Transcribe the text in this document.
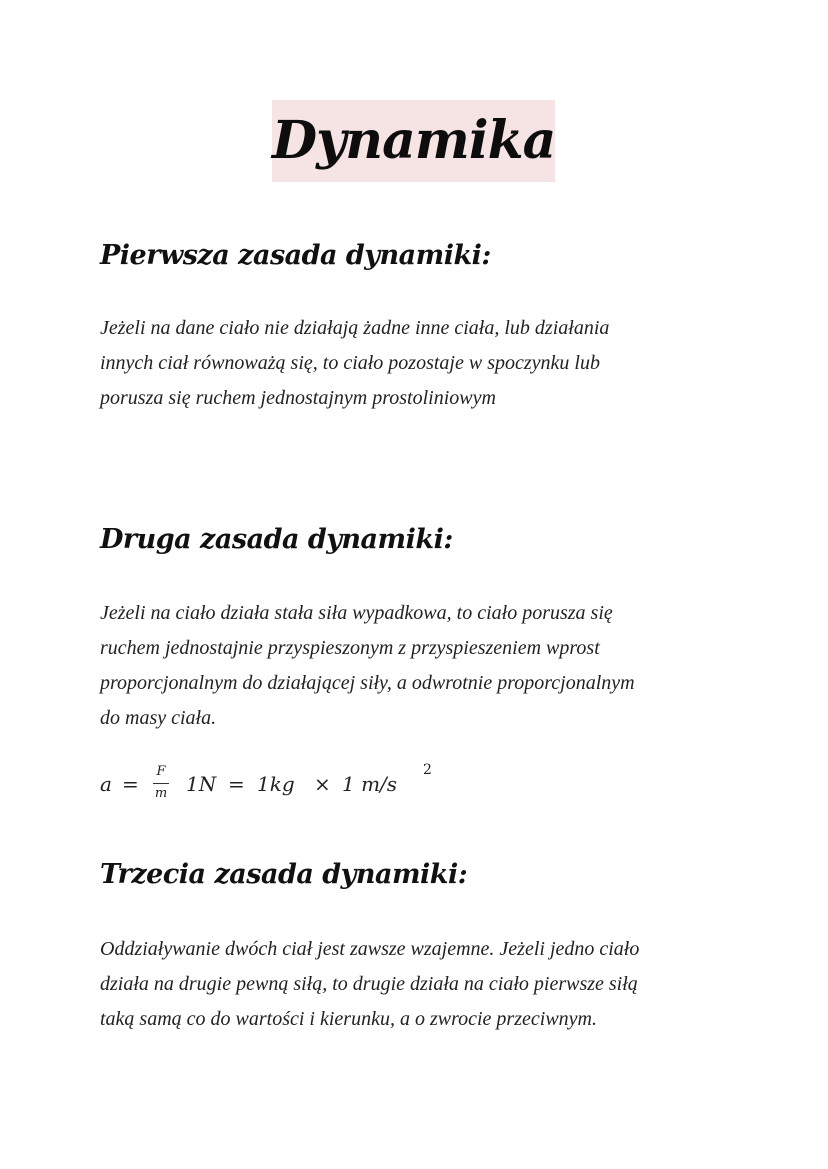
Dynamika
Pierwsza zasada dynamiki:

Jeżeli na dane ciało nie działają żadne inne ciała, lub działania
innych ciał równoważą się, to ciało pozostaje w spoczynku lub
porusza się ruchem jednostajnym prostoliniowym

Druga zasada dynamiki:

Jeżeli na ciało działa stała siła wypadkowa, to ciało porusza się
ruchem jednostajnie przyspieszonym z przyspieszeniem wprost
proporcjonalnym do działającej siły, a odwrotnie proporcjonalnym
do masy ciała.

a =
F
m 1N = 1kg × 1 m/s
2
Trzecia zasada dynamiki:

Oddziaływanie dwóch ciał jest zawsze wzajemne. Jeżeli jedno ciało
działa na drugie pewną siłą, to drugie działa na ciało pierwsze siłą
taką samą co do wartości i kierunku, a o zwrocie przeciwnym.
